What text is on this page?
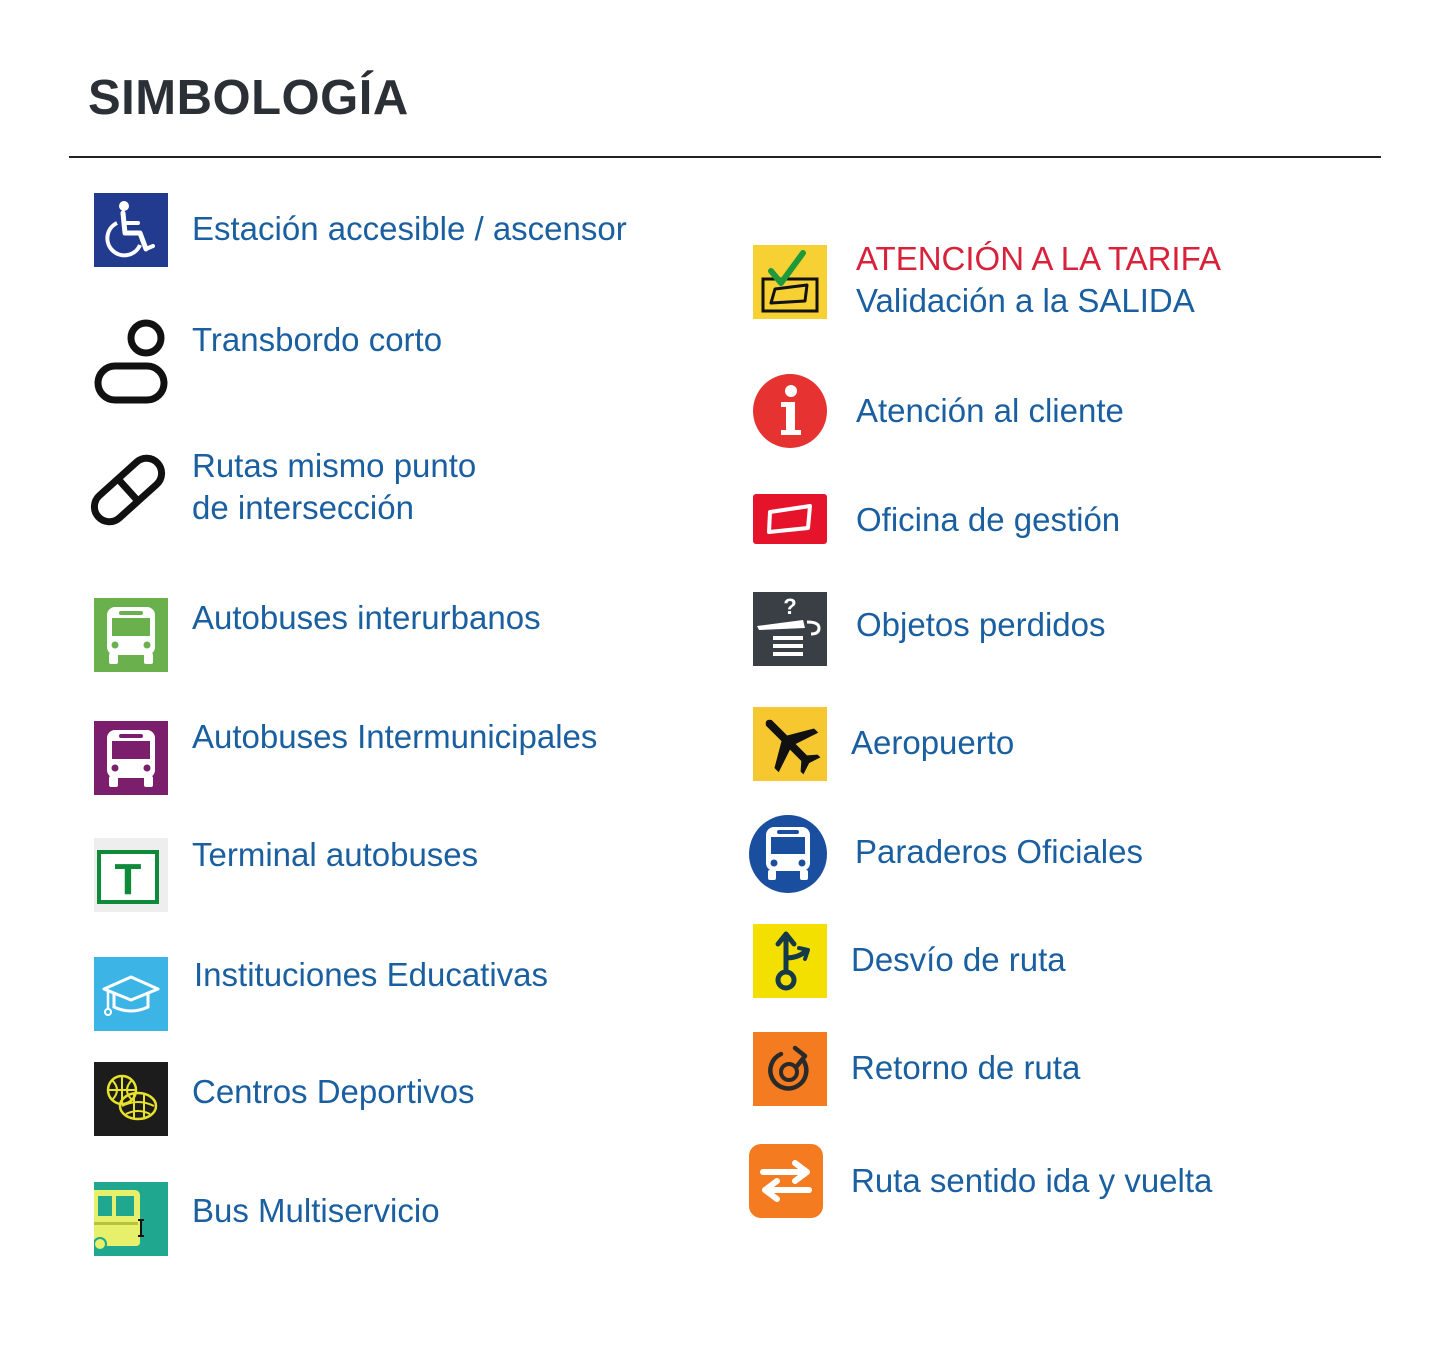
SIMBOLOGÍA
Estación accesible / ascensor
Transbordo corto
Rutas mismo punto
de intersección
Autobuses interurbanos
Autobuses Intermunicipales
T
Terminal autobuses
Instituciones Educativas
Centros Deportivos
Bus Multiservicio
ATENCIÓN A LA TARIFA
Validación a la SALIDA
Atención al cliente
Oficina de gestión
? Objetos perdidos
Aeropuerto
Paraderos Oficiales
Desvío de ruta
Retorno de ruta
Ruta sentido ida y vuelta
